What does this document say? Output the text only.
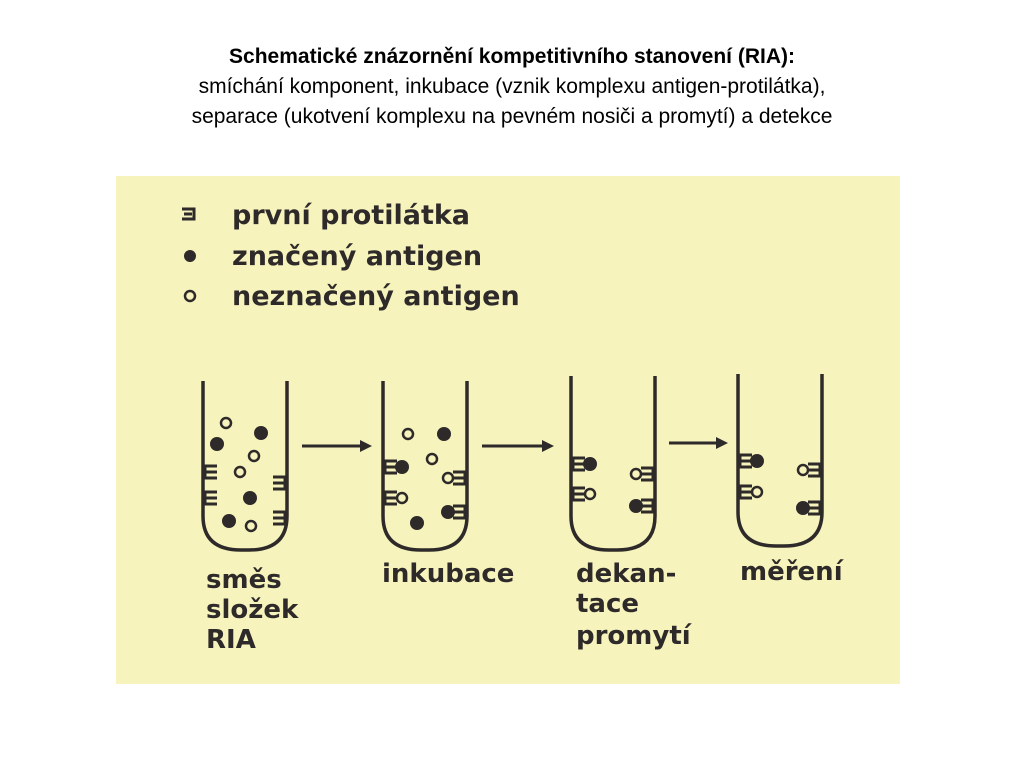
Schematické znázornění kompetitivního stanovení (RIA):
smíchání komponent, inkubace (vznik komplexu antigen-protilátka),
separace (ukotvení komplexu na pevném nosiči a promytí) a detekce
první protilátka
značený antigen
neznačený antigen
směs
složek
RIA
inkubace dekan-
tace
promytí
měření
